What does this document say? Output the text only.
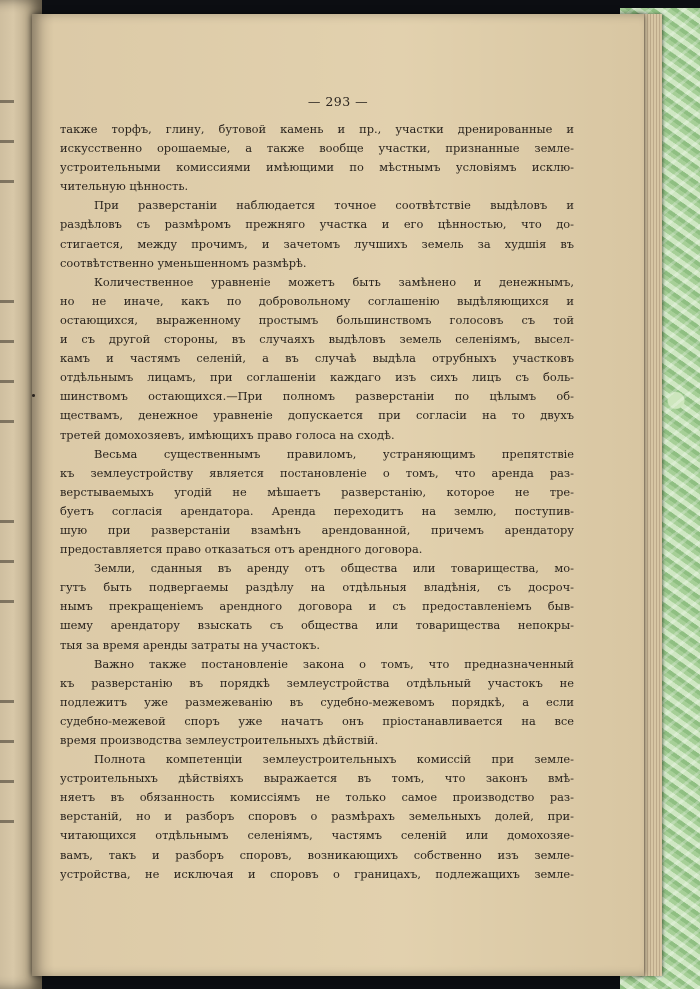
— 293 —
также торфъ, глину, бутовой камень и пр., участки дренированные и
искусственно орошаемые, а также вообще участки, признанные земле-
устроительными комиссиями имѣющими по мѣстнымъ условiямъ исклю-
чительную цѣнность.
При разверстанiи наблюдается точное соотвѣтствiе выдѣловъ и
раздѣловъ съ размѣромъ прежняго участка и его цѣнностью, что до-
стигается, между прочимъ, и зачетомъ лучшихъ земель за худшiя въ
соотвѣтственно уменьшенномъ размѣрѣ.
Количественное уравненiе можетъ быть замѣнено и денежнымъ,
но не иначе, какъ по добровольному соглашенiю выдѣляющихся и
остающихся, выраженному простымъ большинствомъ голосовъ съ той
и съ другой стороны, въ случаяхъ выдѣловъ земель селенiямъ, высел-
камъ и частямъ селенiй, а въ случаѣ выдѣла отрубныхъ участковъ
отдѣльнымъ лицамъ, при соглашенiи каждаго изъ сихъ лицъ съ боль-
шинствомъ остающихся.—При полномъ разверстанiи по цѣлымъ об-
ществамъ, денежное уравненiе допускается при согласiи на то двухъ
третей домохозяевъ, имѣющихъ право голоса на сходѣ.
Весьма существеннымъ правиломъ, устраняющимъ препятствiе
къ землеустройству является постановленiе о томъ, что аренда раз-
верстываемыхъ угодiй не мѣшаетъ разверстанiю, которое не тре-
буетъ согласiя арендатора. Аренда переходитъ на землю, поступив-
шую при разверстанiи взамѣнъ арендованной, причемъ арендатору
предоставляется право отказаться отъ арендного договора.
Земли, сданныя въ аренду отъ общества или товарищества, мо-
гутъ быть подвергаемы раздѣлу на отдѣльныя владѣнiя, съ досроч-
нымъ прекращенiемъ арендного договора и съ предоставленiемъ быв-
шему арендатору взыскать съ общества или товарищества непокры-
тыя за время аренды затраты на участокъ.
Важно также постановленiе закона о томъ, что предназначенный
къ разверстанiю въ порядкѣ землеустройства отдѣльный участокъ не
подлежитъ уже размежеванiю въ судебно-межевомъ порядкѣ, а если
судебно-межевой споръ уже начатъ онъ прiостанавливается на все
время производства землеустроительныхъ дѣйствiй.
Полнота компетенцiи землеустроительныхъ комиссiй при земле-
устроительныхъ дѣйствiяхъ выражается въ томъ, что законъ вмѣ-
няетъ въ обязанность комиссiямъ не только самое производство раз-
верстанiй, но и разборъ споровъ о размѣрахъ земельныхъ долей, при-
читающихся отдѣльнымъ селенiямъ, частямъ селенiй или домохозяе-
вамъ, такъ и разборъ споровъ, возникающихъ собственно изъ земле-
устройства, не исключая и споровъ о границахъ, подлежащихъ земле-
